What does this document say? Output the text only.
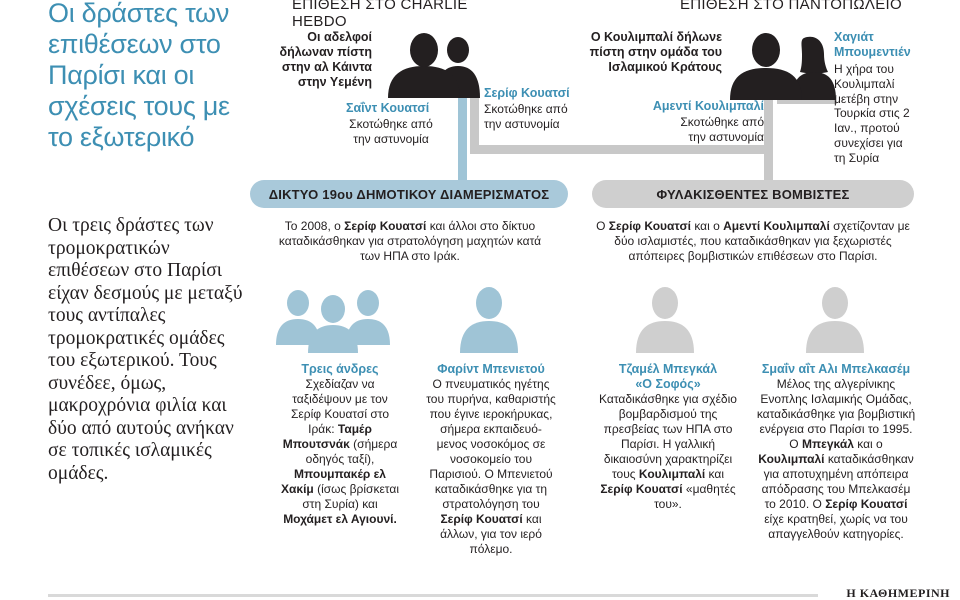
Οι δράστες των επιθέσεων στο Παρίσι και οι σχέσεις τους με το εξωτερικό
Οι τρεις δράστες των τρομοκρατικών επιθέσεων στο Παρίσι είχαν δεσμούς με μεταξύ τους αντίπαλες τρομοκρατικές ομάδες του εξωτερικού. Τους συνέδεε, όμως, μακροχρόνια φιλία και δύο από αυτούς ανήκαν σε τοπικές ισλαμικές ομάδες.
ΕΠΙΘΕΣΗ ΣΤΟ CHARLIE HEBDO
ΕΠΙΘΕΣΗ ΣΤΟ ΠΑΝΤΟΠΩΛΕΙΟ
Οι αδελφοί δήλωναν πίστη στην αλ Κάιντα στην Υεμένη
Σαΐντ Κουατσί
Σκοτώθηκε από την αστυνομία
Σερίφ Κουατσί
Σκοτώθηκε από την αστυνομία
Ο Κουλιμπαλί δήλωνε πίστη στην ομάδα του Ισλαμικού Κράτους
Αμεντί Κουλιμπαλί
Σκοτώθηκε από την αστυνομία
Χαγιάτ Μπουμεντιέν
Η χήρα του Κουλιμπαλί μετέβη στην Τουρκία στις 2 Ιαν., προτού συνεχίσει για τη Συρία
ΔΙΚΤΥΟ 19ου ΔΗΜΟΤΙΚΟΥ ΔΙΑΜΕΡΙΣΜΑΤΟΣ	ΦΥΛΑΚΙΣΘΕΝΤΕΣ ΒΟΜΒΙΣΤΕΣ
Το 2008, ο Σερίφ Κουατσί και άλλοι στο δίκτυο καταδικάσθηκαν για στρατολόγηση μαχητών κατά των ΗΠΑ στο Ιράκ.
Ο Σερίφ Κουατσί και ο Αμεντί Κουλιμπαλί σχετίζονταν με δύο ισλαμιστές, που καταδικάσθηκαν για ξεχωριστές απόπειρες βομβιστικών επιθέσεων στο Παρίσι.
Τρεις άνδρες
Σχεδίαζαν να ταξιδέψουν με τον Σερίφ Κουατσί στο Ιράκ: Ταμέρ Μπουτσνάκ (σήμερα οδηγός ταξί), Μπουμπακέρ ελ Χακίμ (ίσως βρίσκεται στη Συρία) και Μοχάμετ ελ Αγιουνί.
Φαρίντ Μπενιετού
Ο πνευματικός ηγέτης του πυρήνα, καθαριστής που έγινε ιεροκήρυκας, σήμερα εκπαιδευό-μενος νοσοκόμος σε νοσοκομείο του Παρισιού. Ο Μπενιετού καταδικάσθηκε για τη στρατολόγηση του Σερίφ Κουατσί και άλλων, για τον ιερό πόλεμο.
Τζαμέλ Μπεγκάλ «Ο Σοφός»
Καταδικάσθηκε για σχέδιο βομβαρδισμού της πρεσβείας των ΗΠΑ στο Παρίσι. Η γαλλική δικαιοσύνη χαρακτηρίζει τους Κουλιμπαλί και Σερίφ Κουατσί «μαθητές του».
Σμαΐν αΐτ Αλι Μπελκασέμ
Μέλος της αλγερίνικης Ενοπλης Ισλαμικής Ομάδας, καταδικάσθηκε για βομβιστική ενέργεια στο Παρίσι το 1995. Ο Μπεγκάλ και ο Κουλιμπαλί καταδικάσθηκαν για αποτυχημένη απόπειρα απόδρασης του Μπελκασέμ το 2010. Ο Σερίφ Κουατσί είχε κρατηθεί, χωρίς να του απαγγελθούν κατηγορίες.
Η ΚΑΘΗΜΕΡΙΝΗ
